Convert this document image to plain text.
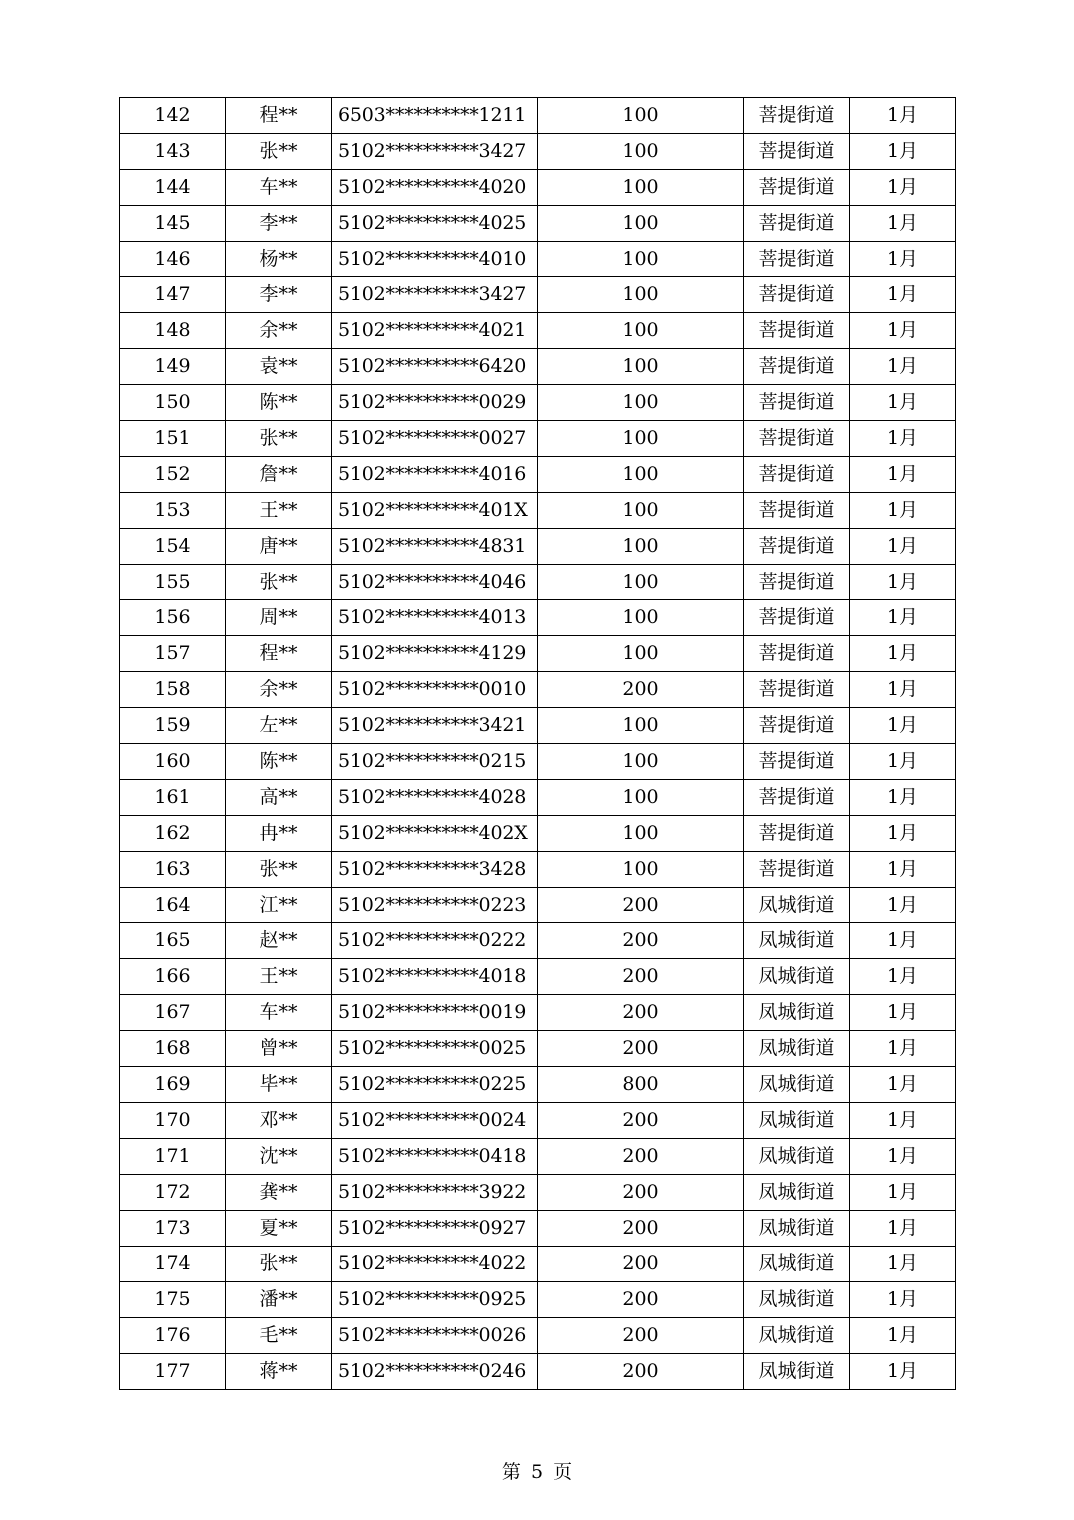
142	程**	6503**********1211	100	菩提街道	1月
143	张**	5102**********3427	100	菩提街道	1月
144	车**	5102**********4020	100	菩提街道	1月
145	李**	5102**********4025	100	菩提街道	1月
146	杨**	5102**********4010	100	菩提街道	1月
147	李**	5102**********3427	100	菩提街道	1月
148	余**	5102**********4021	100	菩提街道	1月
149	袁**	5102**********6420	100	菩提街道	1月
150	陈**	5102**********0029	100	菩提街道	1月
151	张**	5102**********0027	100	菩提街道	1月
152	詹**	5102**********4016	100	菩提街道	1月
153	王**	5102**********401X	100	菩提街道	1月
154	唐**	5102**********4831	100	菩提街道	1月
155	张**	5102**********4046	100	菩提街道	1月
156	周**	5102**********4013	100	菩提街道	1月
157	程**	5102**********4129	100	菩提街道	1月
158	余**	5102**********0010	200	菩提街道	1月
159	左**	5102**********3421	100	菩提街道	1月
160	陈**	5102**********0215	100	菩提街道	1月
161	高**	5102**********4028	100	菩提街道	1月
162	冉**	5102**********402X	100	菩提街道	1月
163	张**	5102**********3428	100	菩提街道	1月
164	江**	5102**********0223	200	凤城街道	1月
165	赵**	5102**********0222	200	凤城街道	1月
166	王**	5102**********4018	200	凤城街道	1月
167	车**	5102**********0019	200	凤城街道	1月
168	曾**	5102**********0025	200	凤城街道	1月
169	毕**	5102**********0225	800	凤城街道	1月
170	邓**	5102**********0024	200	凤城街道	1月
171	沈**	5102**********0418	200	凤城街道	1月
172	龚**	5102**********3922	200	凤城街道	1月
173	夏**	5102**********0927	200	凤城街道	1月
174	张**	5102**********4022	200	凤城街道	1月
175	潘**	5102**********0925	200	凤城街道	1月
176	毛**	5102**********0026	200	凤城街道	1月
177	蒋**	5102**********0246	200	凤城街道	1月
第 5 页
